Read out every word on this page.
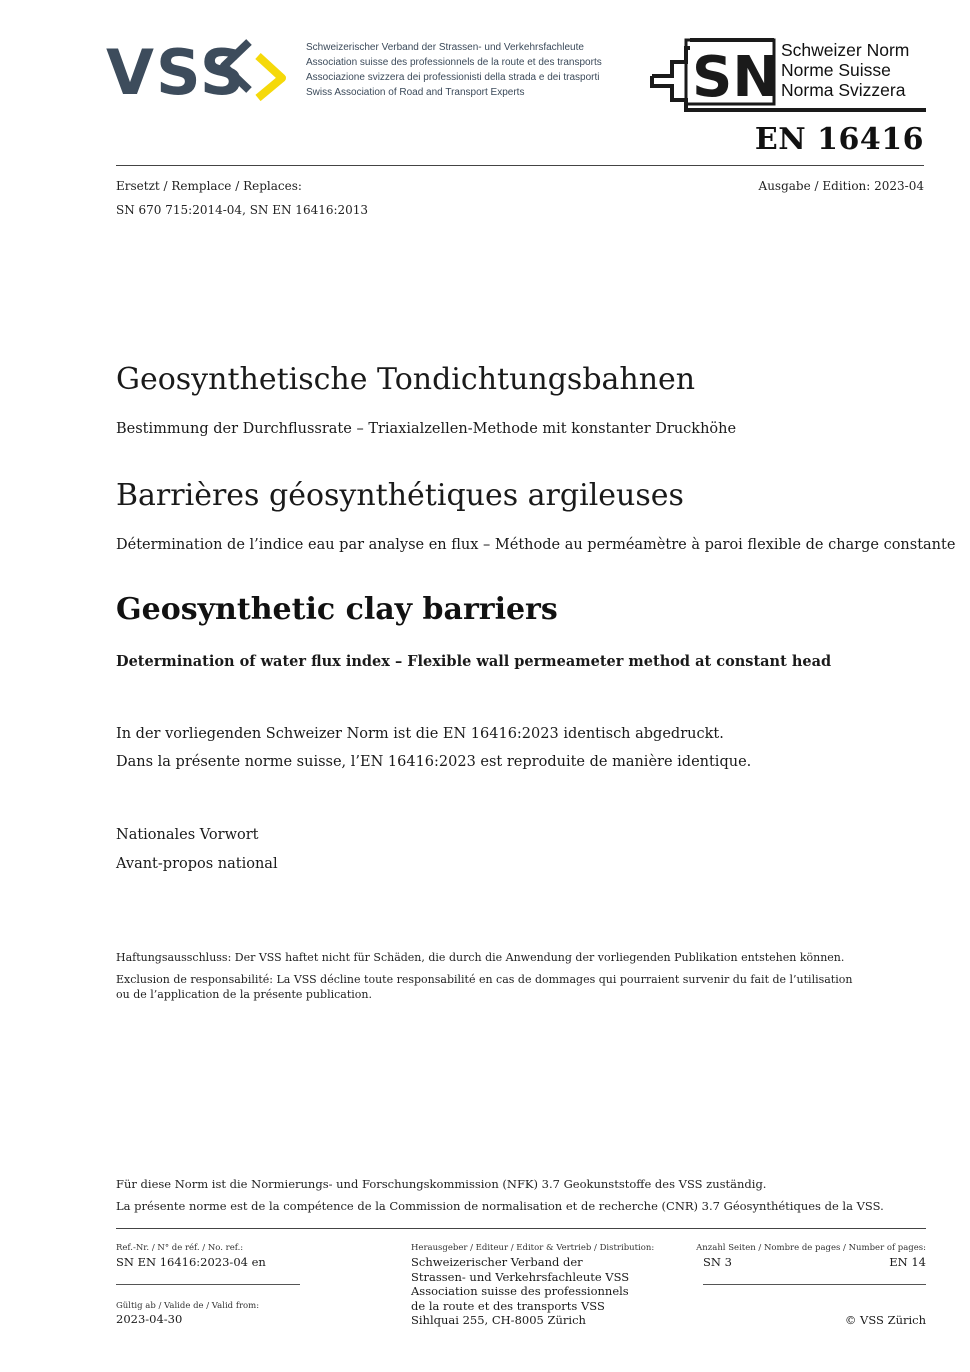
VSS	Schweizerischer Verband der Strassen- und Verkehrsfachleute
Association suisse des professionnels de la route et des transports
Associazione svizzera dei professionisti della strada e dei trasporti
Swiss Association of Road and Transport Experts	SN Schweizer Norm
Norme Suisse
Norma Svizzera
EN 16416
Ersetzt / Remplace / Replaces:
SN 670 715:2014-04, SN EN 16416:2013
Ausgabe / Edition: 2023-04
Geosynthetische Tondichtungsbahnen
Bestimmung der Durchflussrate – Triaxialzellen-Methode mit konstanter Druckhöhe
Barrières géosynthétiques argileuses
Détermination de l’indice eau par analyse en flux – Méthode au perméamètre à paroi flexible de charge constante
Geosynthetic clay barriers
Determination of water flux index – Flexible wall permeameter method at constant head
In der vorliegenden Schweizer Norm ist die EN 16416:2023 identisch abgedruckt.
Dans la présente norme suisse, l’EN 16416:2023 est reproduite de manière identique.
Nationales Vorwort
Avant-propos national
Haftungsausschluss: Der VSS haftet nicht für Schäden, die durch die Anwendung der vorliegenden Publikation entstehen können.
Exclusion de responsabilité: La VSS décline toute responsabilité en cas de dommages qui pourraient survenir du fait de l’utilisation ou de l’application de la présente publication.
Für diese Norm ist die Normierungs- und Forschungskommission (NFK) 3.7 Geokunststoffe des VSS zuständig.
La présente norme est de la compétence de la Commission de normalisation et de recherche (CNR) 3.7 Géosynthétiques de la VSS.
Ref.-Nr. / N° de réf. / No. ref.:
SN EN 16416:2023-04 en
Gültig ab / Valide de / Valid from:
2023-04-30
Herausgeber / Editeur / Editor & Vertrieb / Distribution:
Schweizerischer Verband der
Strassen- und Verkehrsfachleute VSS
Association suisse des professionnels
de la route et des transports VSS
Sihlquai 255, CH-8005 Zürich
Anzahl Seiten / Nombre de pages / Number of pages:
SN 3	EN 14
© VSS Zürich
